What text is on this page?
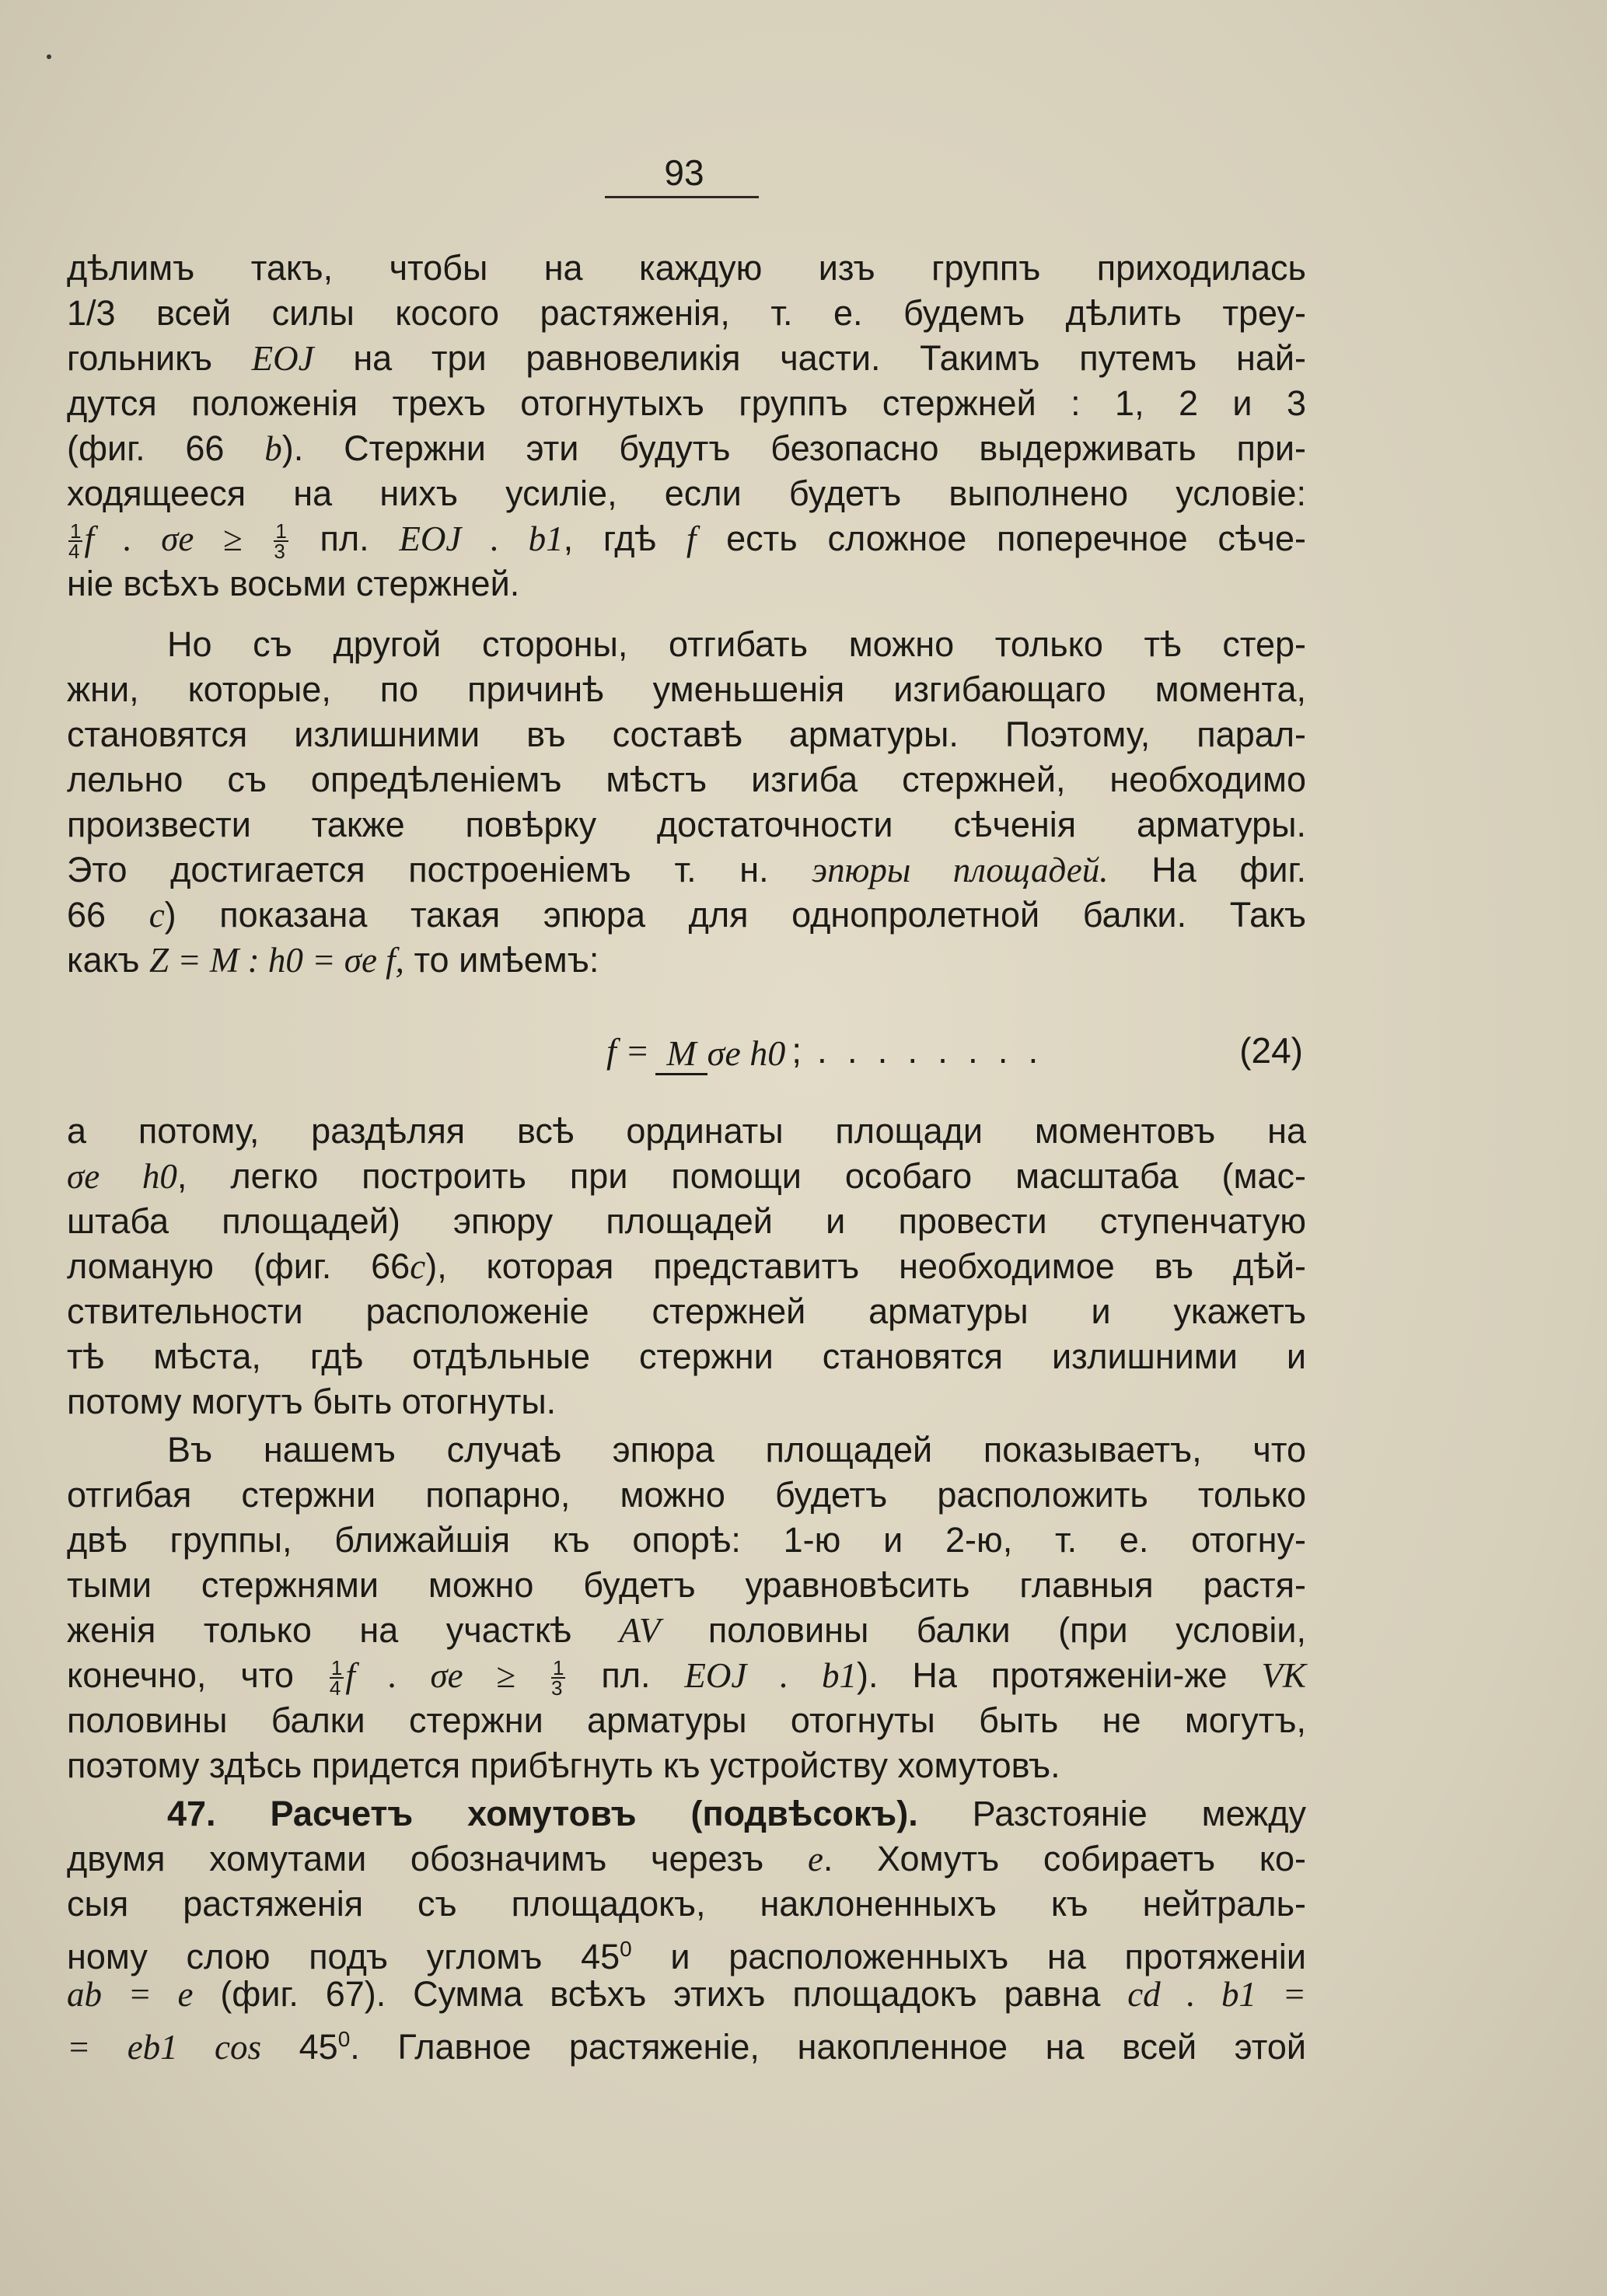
93
дѣлимъ такъ, чтобы на каждую изъ группъ приходилась
1/3 всей силы косого растяженія, т. е. будемъ дѣлить треу-
гольникъ EOJ на три равновеликія части. Такимъ путемъ най-
дутся положенія трехъ отогнутыхъ группъ стержней : 1, 2 и 3
(фиг. 66 b). Стержни эти будутъ безопасно выдерживать при-
ходящееся на нихъ усиліе, если будетъ выполнено условіе:
$\frac{1}{4}$ f . $\sigma e \ge \frac{1}{3}$ пл. EOJ . b1, гдѣ f есть сложное поперечное сѣче-
ніе всѣхъ восьми стержней.
Но съ другой стороны, отгибать можно только тѣ стер-
жни, которые, по причинѣ уменьшенія изгибающаго момента,
становятся излишними въ составѣ арматуры. Поэтому, парал-
лельно съ опредѣленіемъ мѣстъ изгиба стержней, необходимо
произвести также повѣрку достаточности сѣченія арматуры.
Это достигается построеніемъ т. н. эпюры площадей. На фиг.
66 c) показана такая эпюра для однопролетной балки. Такъ
какъ Z = M : h0 = σe f, то имѣемъ:
f = M σe h0 ; ........	(24)
а потому, раздѣляя всѣ ординаты площади моментовъ на
σe h0, легко построить при помощи особаго масштаба (мас-
штаба площадей) эпюру площадей и провести ступенчатую
ломаную (фиг. 66c), которая представитъ необходимое въ дѣй-
ствительности расположеніе стержней арматуры и укажетъ
тѣ мѣста, гдѣ отдѣльные стержни становятся излишними и
потому могутъ быть отогнуты.
Въ нашемъ случаѣ эпюра площадей показываетъ, что
отгибая стержни попарно, можно будетъ расположить только
двѣ группы, ближайшія къ опорѣ: 1-ю и 2-ю, т. е. отогну-
тыми стержнями можно будетъ уравновѣсить главныя растя-
женія только на участкѣ AV половины балки (при условіи,
конечно, что $\frac{1}{4}$ f . $\sigma e \ge \frac{1}{3}$ пл. EOJ . b1). На протяженіи-же VK
половины балки стержни арматуры отогнуты быть не могутъ,
поэтому здѣсь придется прибѣгнуть къ устройству хомутовъ.
47. Расчетъ хомутовъ (подвѣсокъ). Разстояніе между
двумя хомутами обозначимъ черезъ e. Хомутъ собираетъ ко-
сыя растяженія съ площадокъ, наклоненныхъ къ нейтраль-
ному слою подъ угломъ $45^0$ и расположенныхъ на протяженіи
ab = e (фиг. 67). Сумма всѣхъ этихъ площадокъ равна cd . b1 =
= eb1 $\cos 45^0$. Главное растяженіе, накопленное на всей этой
